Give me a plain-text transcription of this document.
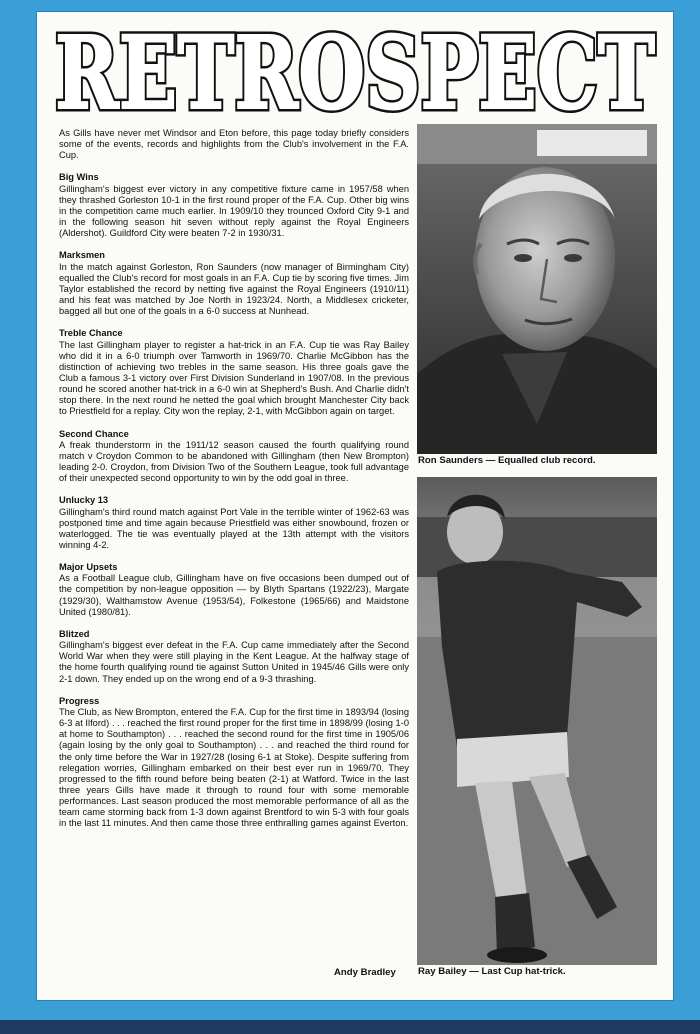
RETROSPECT
RETROSPECT

As Gills have never met Windsor and Eton before, this page today briefly considers some of the events, records and highlights from the Club's involvement in the F.A. Cup.

Big Wins

Gillingham's biggest ever victory in any competitive fixture came in 1957/58 when they thrashed Gorleston 10-1 in the first round proper of the F.A. Cup. Other big wins in the competition came much earlier. In 1909/10 they trounced Oxford City 9-1 and in the following season hit seven without reply against the Royal Engineers (Aldershot). Guildford City were beaten 7-2 in 1930/31.

Marksmen

In the match against Gorleston, Ron Saunders (now manager of Birmingham City) equalled the Club's record for most goals in an F.A. Cup tie by scoring five times. Jim Taylor established the record by netting five against the Royal Engineers (1910/11) and his feat was matched by Joe North in 1923/24. North, a Middlesex cricketer, bagged all but one of the goals in a 6-0 success at Nunhead.

Treble Chance

The last Gillingham player to register a hat-trick in an F.A. Cup tie was Ray Bailey who did it in a 6-0 triumph over Tamworth in 1969/70. Charlie McGibbon has the distinction of achieving two trebles in the same season. His three goals gave the Club a famous 3-1 victory over First Division Sunderland in 1907/08. In the previous round he scored another hat-trick in a 6-0 win at Shepherd's Bush. And Charlie didn't stop there. In the next round he netted the goal which brought Manchester City back to Priestfield for a replay. City won the replay, 2-1, with McGibbon again on target.

Second Chance

A freak thunderstorm in the 1911/12 season caused the fourth qualifying round match v Croydon Common to be abandoned with Gillingham (then New Brompton) leading 2-0. Croydon, from Division Two of the Southern League, took full advantage of their unexpected second opportunity to win by the odd goal in three.

Unlucky 13

Gillingham's third round match against Port Vale in the terrible winter of 1962-63 was postponed time and time again because Priestfield was either snowbound, frozen or waterlogged. The tie was eventually played at the 13th attempt with the visitors winning 4-2.

Major Upsets

As a Football League club, Gillingham have on five occasions been dumped out of the competition by non-league opposition — by Blyth Spartans (1922/23), Margate (1929/30), Walthamstow Avenue (1953/54), Folkestone (1965/66) and Maidstone United (1980/81).

Blitzed

Gillingham's biggest ever defeat in the F.A. Cup came immediately after the Second World War when they were still playing in the Kent League. At the halfway stage of the home fourth qualifying round tie against Sutton United in 1945/46 Gills were only 2-1 down. They ended up on the wrong end of a 9-3 thrashing.

Progress

The Club, as New Brompton, entered the F.A. Cup for the first time in 1893/94 (losing 6-3 at Ilford) . . . reached the first round proper for the first time in 1898/99 (losing 1-0 at home to Southampton) . . . reached the second round for the first time in 1905/06 (again losing by the only goal to Southampton) . . . and reached the third round for the only time before the War in 1927/28 (losing 6-1 at Stoke). Despite suffering from relegation worries, Gillingham embarked on their best ever run in 1969/70. They progressed to the fifth round before being beaten (2-1) at Watford. Twice in the last three years Gills have made it through to round four with some memorable performances. Last season produced the most memorable performance of all as the team came storming back from 1-3 down against Brentford to win 5-3 with four goals in the last 11 minutes. And then came those three enthralling games against Everton.

Andy Bradley
Ron Saunders — Equalled club record.
Ray Bailey — Last Cup hat-trick.
